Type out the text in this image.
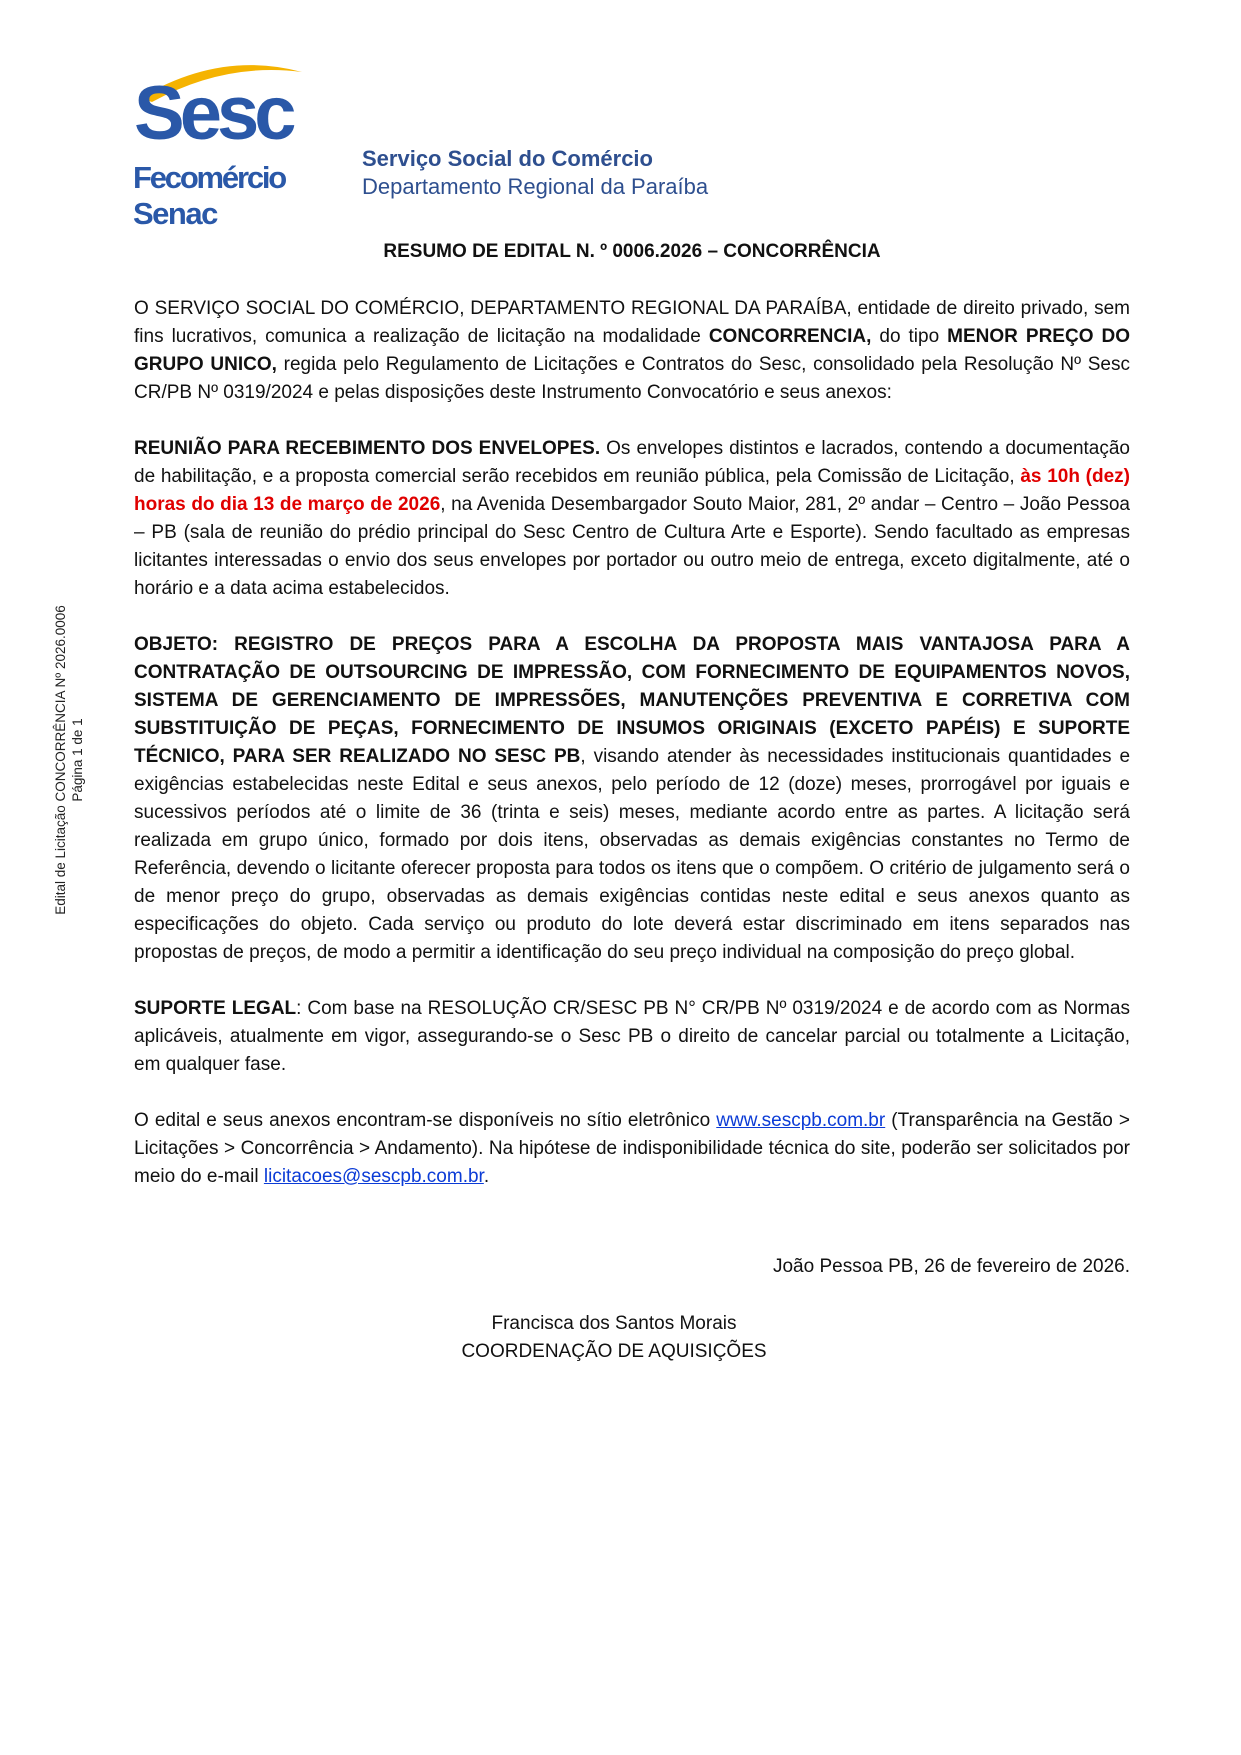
Sesc
Fecomércio
Senac
Serviço Social do Comércio
Departamento Regional da Paraíba
Edital de Licitação CONCORRÊNCIA Nº 2026.0006 Página 1 de 1
RESUMO DE EDITAL N. º 0006.2026 – CONCORRÊNCIA

O SERVIÇO SOCIAL DO COMÉRCIO, DEPARTAMENTO REGIONAL DA PARAÍBA, entidade de direito privado, sem fins lucrativos, comunica a realização de licitação na modalidade CONCORRENCIA, do tipo MENOR PREÇO DO GRUPO UNICO, regida pelo Regulamento de Licitações e Contratos do Sesc, consolidado pela Resolução Nº Sesc CR/PB Nº 0319/2024 e pelas disposições deste Instrumento Convocatório e seus anexos:

REUNIÃO PARA RECEBIMENTO DOS ENVELOPES. Os envelopes distintos e lacrados, contendo a documentação de habilitação, e a proposta comercial serão recebidos em reunião pública, pela Comissão de Licitação, às 10h (dez) horas do dia 13 de março de 2026, na Avenida Desembargador Souto Maior, 281, 2º andar – Centro – João Pessoa – PB (sala de reunião do prédio principal do Sesc Centro de Cultura Arte e Esporte). Sendo facultado as empresas licitantes interessadas o envio dos seus envelopes por portador ou outro meio de entrega, exceto digitalmente, até o horário e a data acima estabelecidos.

OBJETO: REGISTRO DE PREÇOS PARA A ESCOLHA DA PROPOSTA MAIS VANTAJOSA PARA A CONTRATAÇÃO DE OUTSOURCING DE IMPRESSÃO, COM FORNECIMENTO DE EQUIPAMENTOS NOVOS, SISTEMA DE GERENCIAMENTO DE IMPRESSÕES, MANUTENÇÕES PREVENTIVA E CORRETIVA COM SUBSTITUIÇÃO DE PEÇAS, FORNECIMENTO DE INSUMOS ORIGINAIS (EXCETO PAPÉIS) E SUPORTE TÉCNICO, PARA SER REALIZADO NO SESC PB, visando atender às necessidades institucionais quantidades e exigências estabelecidas neste Edital e seus anexos, pelo período de 12 (doze) meses, prorrogável por iguais e sucessivos períodos até o limite de 36 (trinta e seis) meses, mediante acordo entre as partes. A licitação será realizada em grupo único, formado por dois itens, observadas as demais exigências constantes no Termo de Referência, devendo o licitante oferecer proposta para todos os itens que o compõem. O critério de julgamento será o de menor preço do grupo, observadas as demais exigências contidas neste edital e seus anexos quanto as especificações do objeto. Cada serviço ou produto do lote deverá estar discriminado em itens separados nas propostas de preços, de modo a permitir a identificação do seu preço individual na composição do preço global.

SUPORTE LEGAL: Com base na RESOLUÇÃO CR/SESC PB N° CR/PB Nº 0319/2024 e de acordo com as Normas aplicáveis, atualmente em vigor, assegurando-se o Sesc PB o direito de cancelar parcial ou totalmente a Licitação, em qualquer fase.

O edital e seus anexos encontram-se disponíveis no sítio eletrônico www.sescpb.com.br (Transparência na Gestão > Licitações > Concorrência > Andamento). Na hipótese de indisponibilidade técnica do site, poderão ser solicitados por meio do e-mail licitacoes@sescpb.com.br.

João Pessoa PB, 26 de fevereiro de 2026.
Francisca dos Santos Morais
COORDENAÇÃO DE AQUISIÇÕES
